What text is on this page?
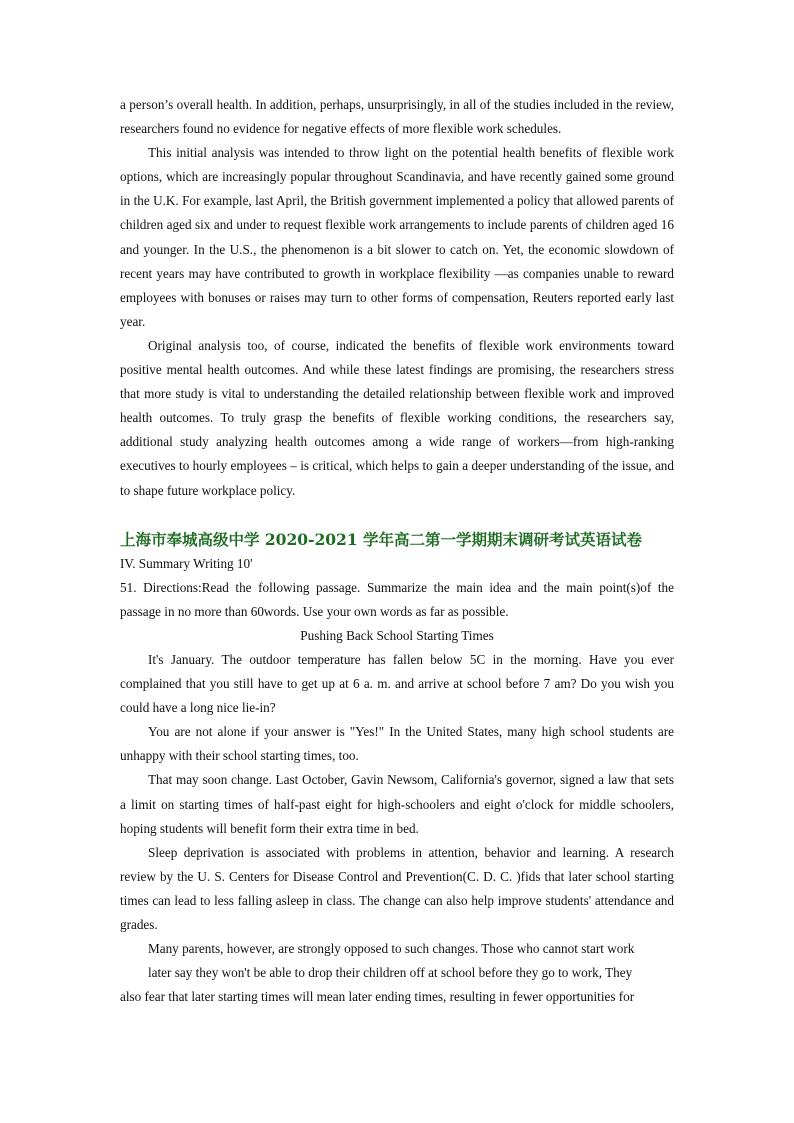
a person’s overall health. In addition, perhaps, unsurprisingly, in all of the studies included in the review, researchers found no evidence for negative effects of more flexible work schedules.

This initial analysis was intended to throw light on the potential health benefits of flexible work options, which are increasingly popular throughout Scandinavia, and have recently gained some ground in the U.K. For example, last April, the British government implemented a policy that allowed parents of children aged six and under to request flexible work arrangements to include parents of children aged 16 and younger. In the U.S., the phenomenon is a bit slower to catch on. Yet, the economic slowdown of recent years may have contributed to growth in workplace flexibility —as companies unable to reward employees with bonuses or raises may turn to other forms of compensation, Reuters reported early last year.

Original analysis too, of course, indicated the benefits of flexible work environments toward positive mental health outcomes. And while these latest findings are promising, the researchers stress that more study is vital to understanding the detailed relationship between flexible work and improved health outcomes. To truly grasp the benefits of flexible working conditions, the researchers say, additional study analyzing health outcomes among a wide range of workers—from high-ranking executives to hourly employees – is critical, which helps to gain a deeper understanding of the issue, and to shape future workplace policy.

上海市奉城高级中学 2020-2021 学年高二第一学期期末调研考试英语试卷

IV. Summary Writing 10'

51. Directions:Read the following passage. Summarize the main idea and the main point(s)of the passage in no more than 60words. Use your own words as far as possible.

Pushing Back School Starting Times

It's January. The outdoor temperature has fallen below 5C in the morning. Have you ever complained that you still have to get up at 6 a. m. and arrive at school before 7 am? Do you wish you could have a long nice lie-in?

You are not alone if your answer is "Yes!" In the United States, many high school students are unhappy with their school starting times, too.

That may soon change. Last October, Gavin Newsom, California's governor, signed a law that sets a limit on starting times of half-past eight for high-schoolers and eight o'clock for middle schoolers, hoping students will benefit form their extra time in bed.

Sleep deprivation is associated with problems in attention, behavior and learning. A research review by the U. S. Centers for Disease Control and Prevention(C. D. C. )fids that later school starting times can lead to less falling asleep in class. The change can also help improve students' attendance and grades.

Many parents, however, are strongly opposed to such changes. Those who cannot start work

later say they won't be able to drop their children off at school before they go to work, They

also fear that later starting times will mean later ending times, resulting in fewer opportunities for
